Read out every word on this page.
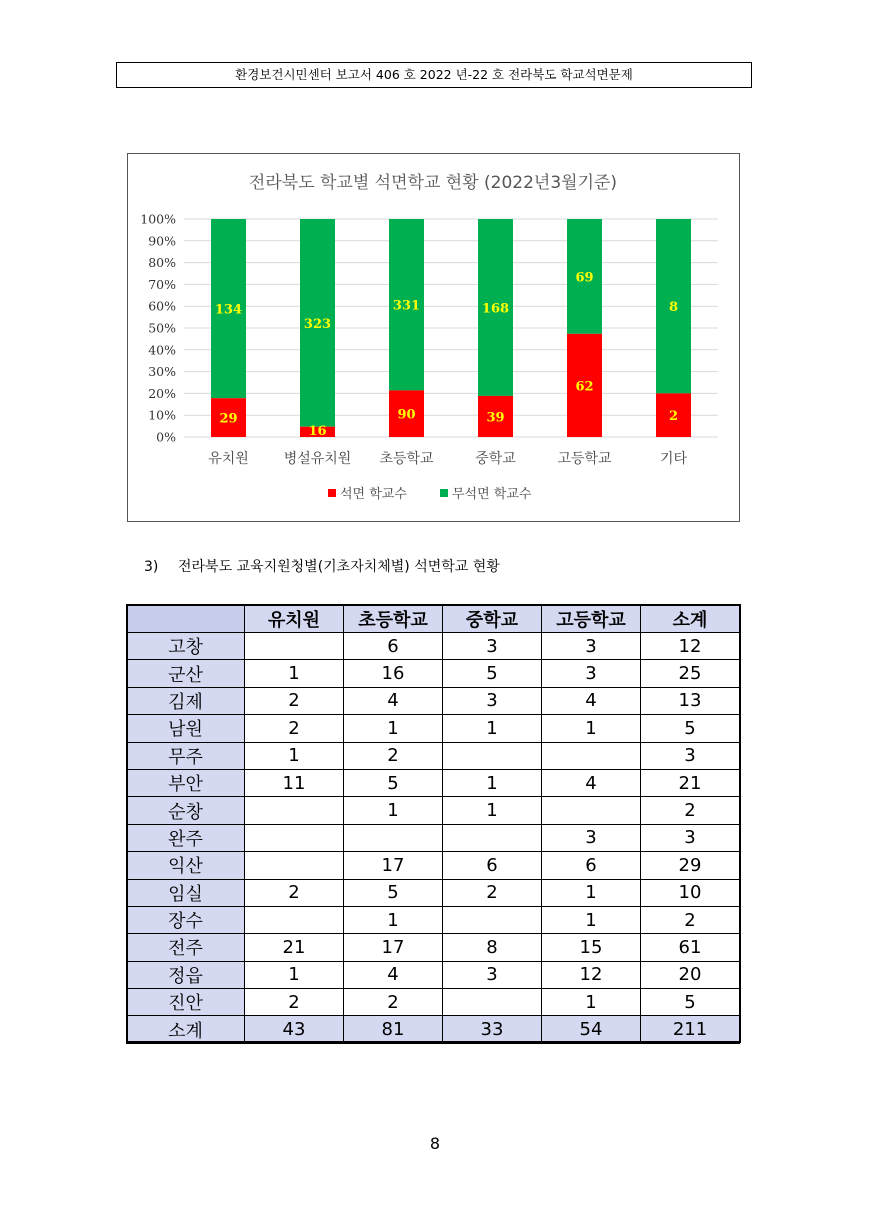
환경보건시민센터 보고서 406 호 2022 년-22 호 전라북도 학교석면문제
전라북도 학교별 석면학교 현황 (2022년3월기준)
0%
10%
20%
30%
40%
50%
60%
70%
80%
90%
100%
29
134
유치원
16
323
병설유치원
90
331
초등학교
39
168
중학교
62
69
고등학교
2
8
기타
석면 학교수	무석면 학교수
3) 전라북도 교육지원청별(기초자치체별) 석면학교 현황
	유치원	초등학교	중학교	고등학교	소계
고창		6	3	3	12
군산	1	16	5	3	25
김제	2	4	3	4	13
남원	2	1	1	1	5
무주	1	2			3
부안	11	5	1	4	21
순창		1	1		2
완주				3	3
익산		17	6	6	29
임실	2	5	2	1	10
장수		1		1	2
전주	21	17	8	15	61
정읍	1	4	3	12	20
진안	2	2		1	5
소계	43	81	33	54	211
8
